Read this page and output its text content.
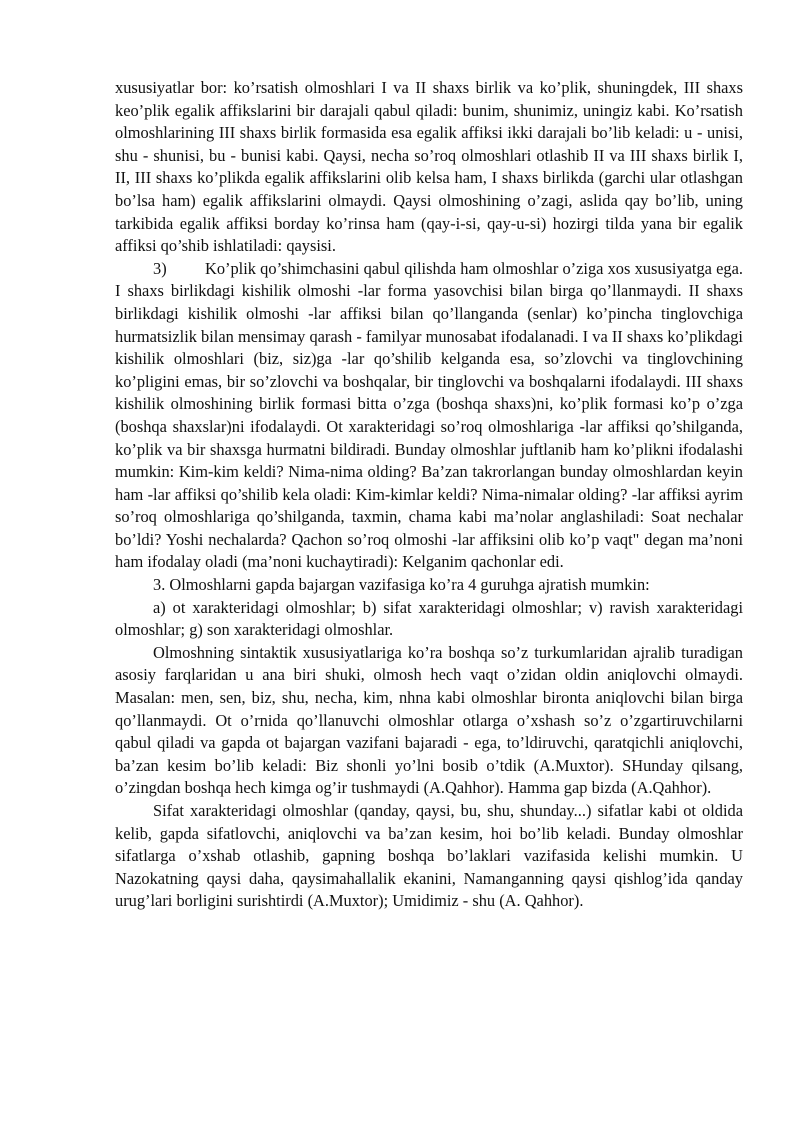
xususiyatlar bor: ko’rsatish olmoshlari I va II shaxs birlik va ko’plik, shuningdek, III shaxs keo’plik egalik affikslarini bir darajali qabul qiladi: bunim, shunimiz, uningiz kabi. Ko’rsatish olmoshlarining III shaxs birlik formasida esa egalik affiksi ikki darajali bo’lib keladi: u - unisi, shu - shunisi, bu - bunisi kabi. Qaysi, necha so’roq olmoshlari otlashib II va III shaxs birlik I, II, III shaxs ko’plikda egalik affikslarini olib kelsa ham, I shaxs birlikda (garchi ular otlashgan bo’lsa ham) egalik affikslarini olmaydi. Qaysi olmoshining o’zagi, aslida qay bo’lib, uning tarkibida egalik affiksi borday ko’rinsa ham (qay-i-si, qay-u-si) hozirgi tilda yana bir egalik affiksi qo’shib ishlatiladi: qaysisi.

3) Ko’plik qo’shimchasini qabul qilishda ham olmoshlar o’ziga xos xususiyatga ega. I shaxs birlikdagi kishilik olmoshi -lar forma yasovchisi bilan birga qo’llanmaydi. II shaxs birlikdagi kishilik olmoshi -lar affiksi bilan qo’llanganda (senlar) ko’pincha tinglovchiga hurmatsizlik bilan mensimay qarash - familyar munosabat ifodalanadi. I va II shaxs ko’plikdagi kishilik olmoshlari (biz, siz)ga -lar qo’shilib kelganda esa, so’zlovchi va tinglovchining ko’pligini emas, bir so’zlovchi va boshqalar, bir tinglovchi va boshqalarni ifodalaydi. III shaxs kishilik olmoshining birlik formasi bitta o’zga (boshqa shaxs)ni, ko’plik formasi ko’p o’zga (boshqa shaxslar)ni ifodalaydi. Ot xarakteridagi so’roq olmoshlariga -lar affiksi qo’shilganda, ko’plik va bir shaxsga hurmatni bildiradi. Bunday olmoshlar juftlanib ham ko’plikni ifodalashi mumkin: Kim-kim keldi? Nima-nima olding? Ba’zan takrorlangan bunday olmoshlardan keyin ham -lar affiksi qo’shilib kela oladi: Kim-kimlar keldi? Nima-nimalar olding? -lar affiksi ayrim so’roq olmoshlariga qo’shilganda, taxmin, chama kabi ma’nolar anglashiladi: Soat nechalar bo’ldi? Yoshi nechalarda? Qachon so’roq olmoshi -lar affiksini olib ko’p vaqt" degan ma’noni ham ifodalay oladi (ma’noni kuchaytiradi): Kelganim qachonlar edi.

3. Olmoshlarni gapda bajargan vazifasiga ko’ra 4 guruhga ajratish mumkin:

a) ot xarakteridagi olmoshlar; b) sifat xarakteridagi olmoshlar; v) ravish xarakteridagi olmoshlar; g) son xarakteridagi olmoshlar.

Olmoshning sintaktik xususiyatlariga ko’ra boshqa so’z turkumlaridan ajralib turadigan asosiy farqlaridan u ana biri shuki, olmosh hech vaqt o’zidan oldin aniqlovchi olmaydi. Masalan: men, sen, biz, shu, necha, kim, nhna kabi olmoshlar bironta aniqlovchi bilan birga qo’llanmaydi. Ot o’rnida qo’llanuvchi olmoshlar otlarga o’xshash so’z o’zgartiruvchilarni qabul qiladi va gapda ot bajargan vazifani bajaradi - ega, to’ldiruvchi, qaratqichli aniqlovchi, ba’zan kesim bo’lib keladi: Biz shonli yo’lni bosib o’tdik (A.Muxtor). SHunday qilsang, o’zingdan boshqa hech kimga og’ir tushmaydi (A.Qahhor). Hamma gap bizda (A.Qahhor).

Sifat xarakteridagi olmoshlar (qanday, qaysi, bu, shu, shunday...) sifatlar kabi ot oldida kelib, gapda sifatlovchi, aniqlovchi va ba’zan kesim, hoi bo’lib keladi. Bunday olmoshlar sifatlarga o’xshab otlashib, gapning boshqa bo’laklari vazifasida kelishi mumkin. U Nazokatning qaysi daha, qaysimahallalik ekanini, Namanganning qaysi qishlog’ida qanday urug’lari borligini surishtirdi (A.Muxtor); Umidimiz - shu (A. Qahhor).
